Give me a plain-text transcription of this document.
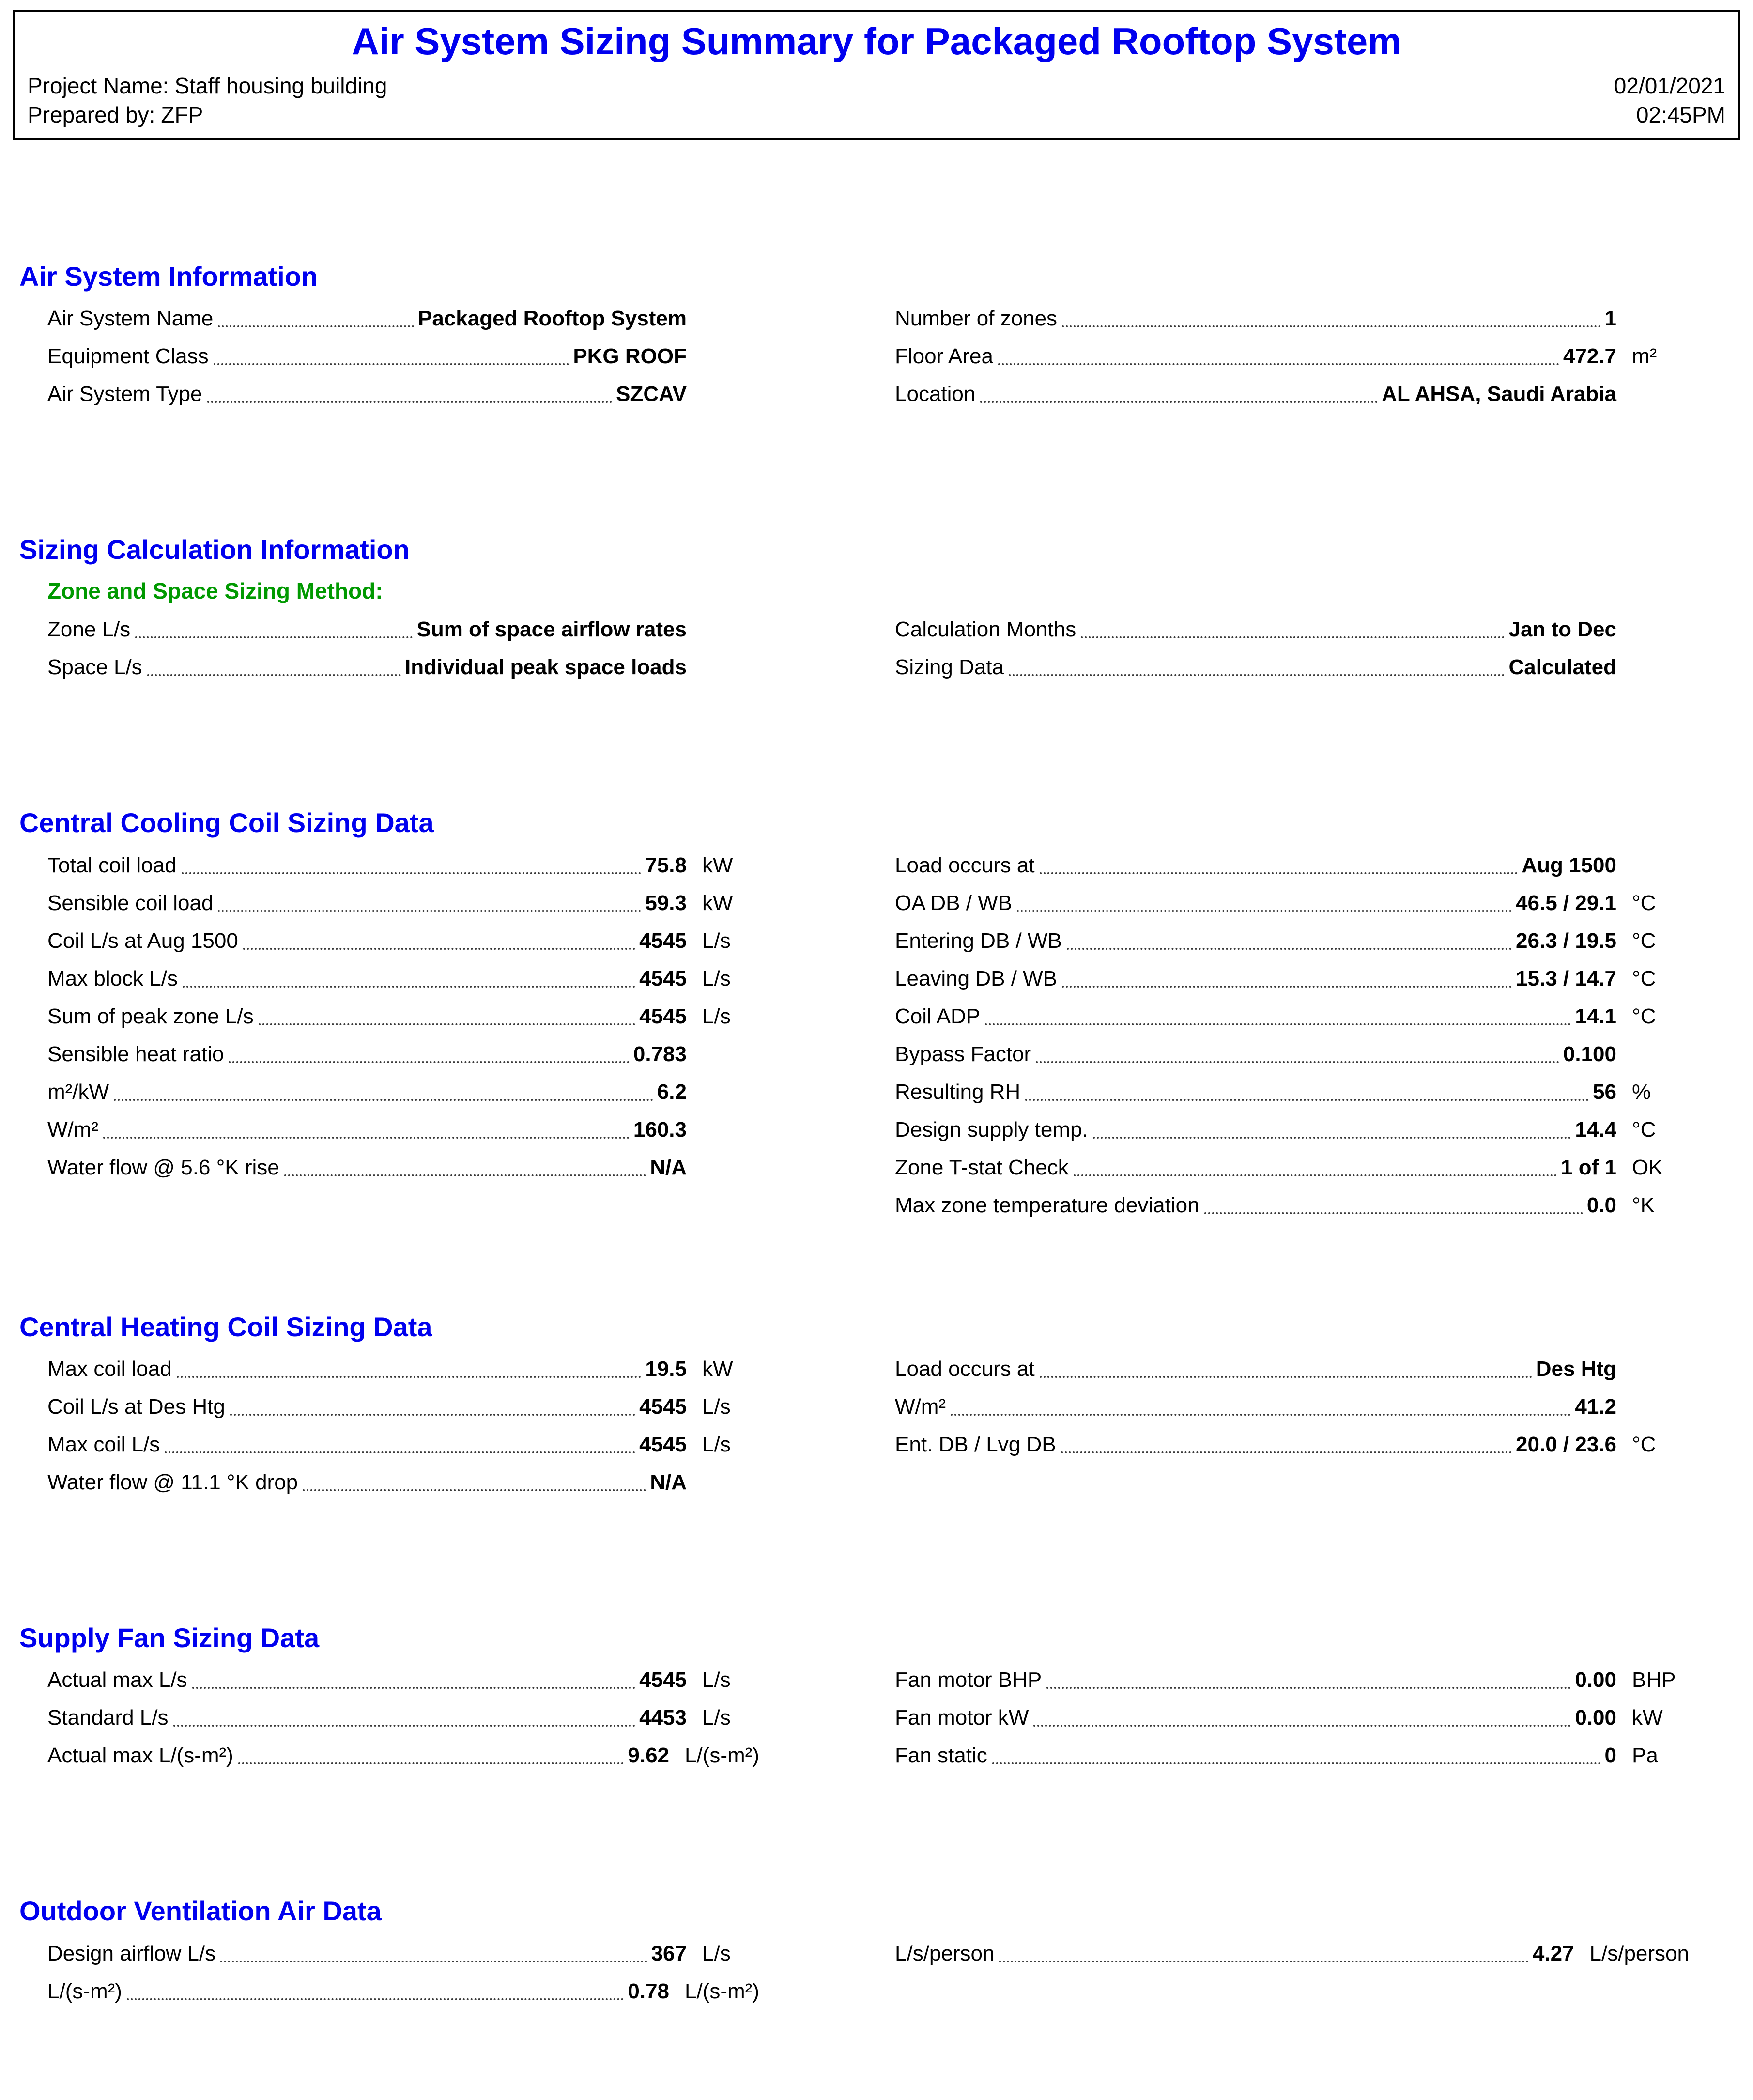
Air System Sizing Summary for Packaged Rooftop System
Project Name: Staff housing building	02/01/2021
Prepared by: ZFP	02:45PM
Air System Information
Air System Name	Packaged Rooftop System
Equipment Class	PKG ROOF
Air System Type	SZCAV
Number of zones	1
Floor Area	472.7 m²
Location	AL AHSA, Saudi Arabia
Sizing Calculation Information
Zone and Space Sizing Method:
Zone L/s	Sum of space airflow rates
Space L/s	Individual peak space loads
Calculation Months	Jan to Dec
Sizing Data	Calculated
Central Cooling Coil Sizing Data
Total coil load	75.8 kW
Sensible coil load	59.3 kW
Coil L/s at Aug 1500	4545 L/s
Max block L/s	4545 L/s
Sum of peak zone L/s	4545 L/s
Sensible heat ratio	0.783
m²/kW	6.2
W/m²	160.3
Water flow @ 5.6 °K rise	N/A
Load occurs at	Aug 1500
OA DB / WB	46.5 / 29.1 °C
Entering DB / WB	26.3 / 19.5 °C
Leaving DB / WB	15.3 / 14.7 °C
Coil ADP	14.1 °C
Bypass Factor	0.100
Resulting RH	56 %
Design supply temp.	14.4 °C
Zone T-stat Check	1 of 1 OK
Max zone temperature deviation	0.0 °K
Central Heating Coil Sizing Data
Max coil load	19.5 kW
Coil L/s at Des Htg	4545 L/s
Max coil L/s	4545 L/s
Water flow @ 11.1 °K drop	N/A
Load occurs at	Des Htg
W/m²	41.2
Ent. DB / Lvg DB	20.0 / 23.6 °C
Supply Fan Sizing Data
Actual max L/s	4545 L/s
Standard L/s	4453 L/s
Actual max L/(s-m²)	9.62 L/(s-m²)
Fan motor BHP	0.00 BHP
Fan motor kW	0.00 kW
Fan static	0 Pa
Outdoor Ventilation Air Data
Design airflow L/s	367 L/s
L/(s-m²)	0.78 L/(s-m²)
L/s/person	4.27 L/s/person
